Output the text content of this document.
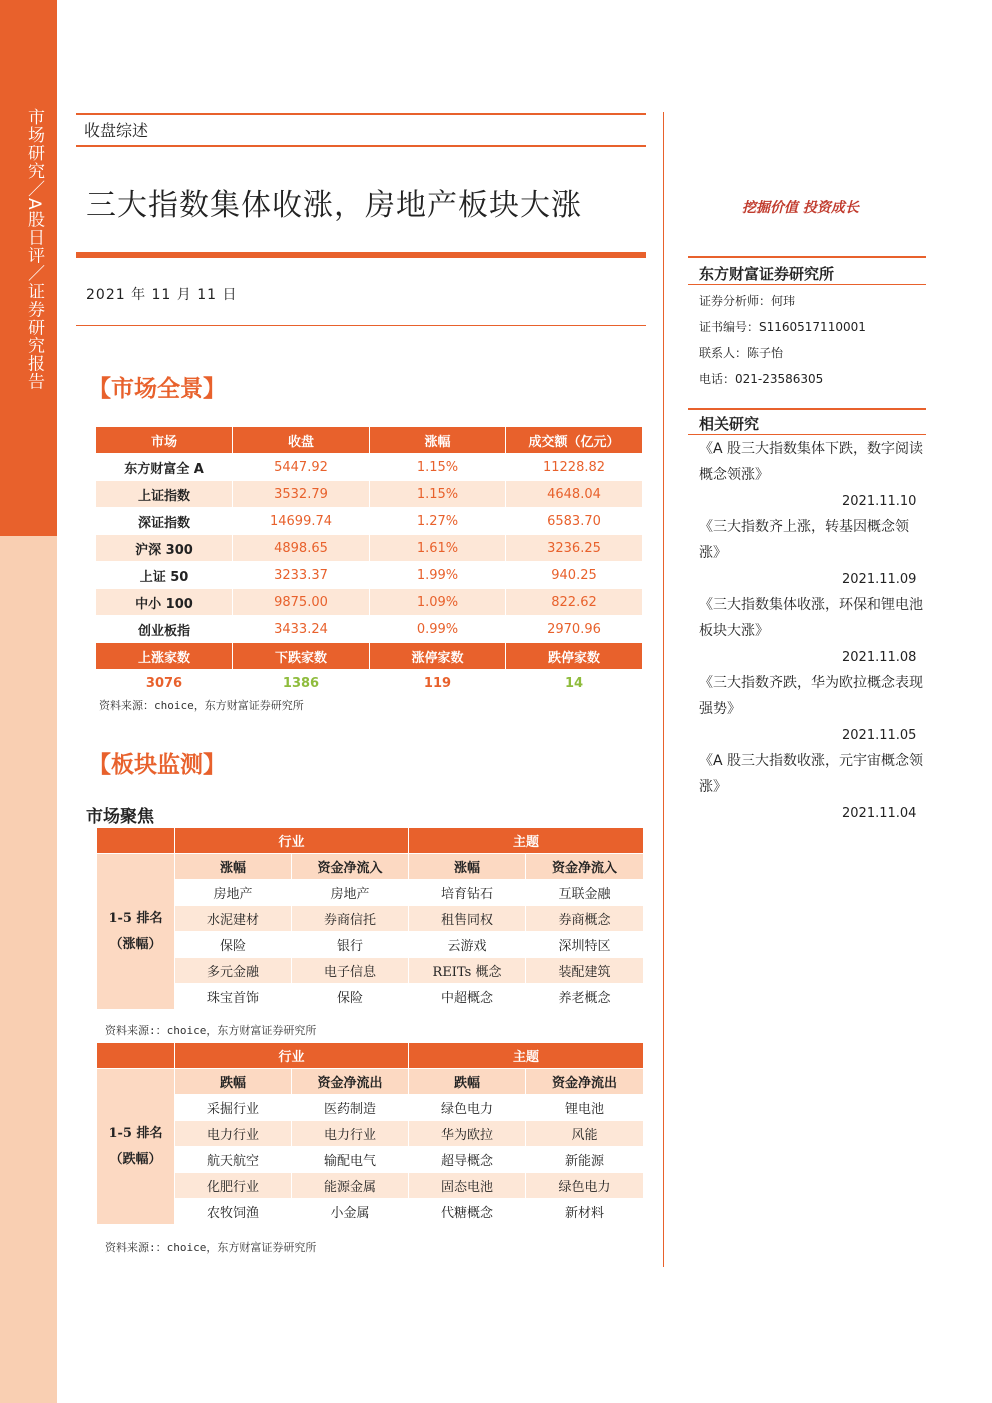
市场研究／A股日评／证券研究报告	收盘综述
三大指数集体收涨，房地产板块大涨
2021 年 11 月 11 日
挖掘价值 投资成长
东方财富证券研究所
证券分析师：何玮
证书编号：S1160517110001
联系人：陈子怡
电话：021-23586305
相关研究
《A 股三大指数集体下跌，数字阅读概念领涨》
2021.11.10
《三大指数齐上涨，转基因概念领涨》
2021.11.09
《三大指数集体收涨，环保和锂电池板块大涨》
2021.11.08
《三大指数齐跌，华为欧拉概念表现强势》
2021.11.05
《A 股三大指数收涨，元宇宙概念领涨》
2021.11.04
【市场全景】
市场	收盘	涨幅	成交额（亿元）
东方财富全 A	5447.92	1.15%	11228.82
上证指数	3532.79	1.15%	4648.04
深证指数	14699.74	1.27%	6583.70
沪深 300	4898.65	1.61%	3236.25
上证 50	3233.37	1.99%	940.25
中小 100	9875.00	1.09%	822.62
创业板指	3433.24	0.99%	2970.96
上涨家数	下跌家数	涨停家数	跌停家数
3076	1386	119	14
资料来源：choice，东方财富证券研究所
【板块监测】
市场聚焦
	行业		主题	
1-5 排名
（涨幅）	涨幅	资金净流入	涨幅	资金净流入
	房地产	房地产	培育钻石	互联金融
	水泥建材	券商信托	租售同权	券商概念
	保险	银行	云游戏	深圳特区
	多元金融	电子信息	REITs 概念	装配建筑
	珠宝首饰	保险	中超概念	养老概念
资料来源:：choice，东方财富证券研究所
	行业		主题	
1-5 排名
（跌幅）	跌幅	资金净流出	跌幅	资金净流出
	采掘行业	医药制造	绿色电力	锂电池
	电力行业	电力行业	华为欧拉	风能
	航天航空	输配电气	超导概念	新能源
	化肥行业	能源金属	固态电池	绿色电力
	农牧饲渔	小金属	代糖概念	新材料
资料来源:：choice，东方财富证券研究所
